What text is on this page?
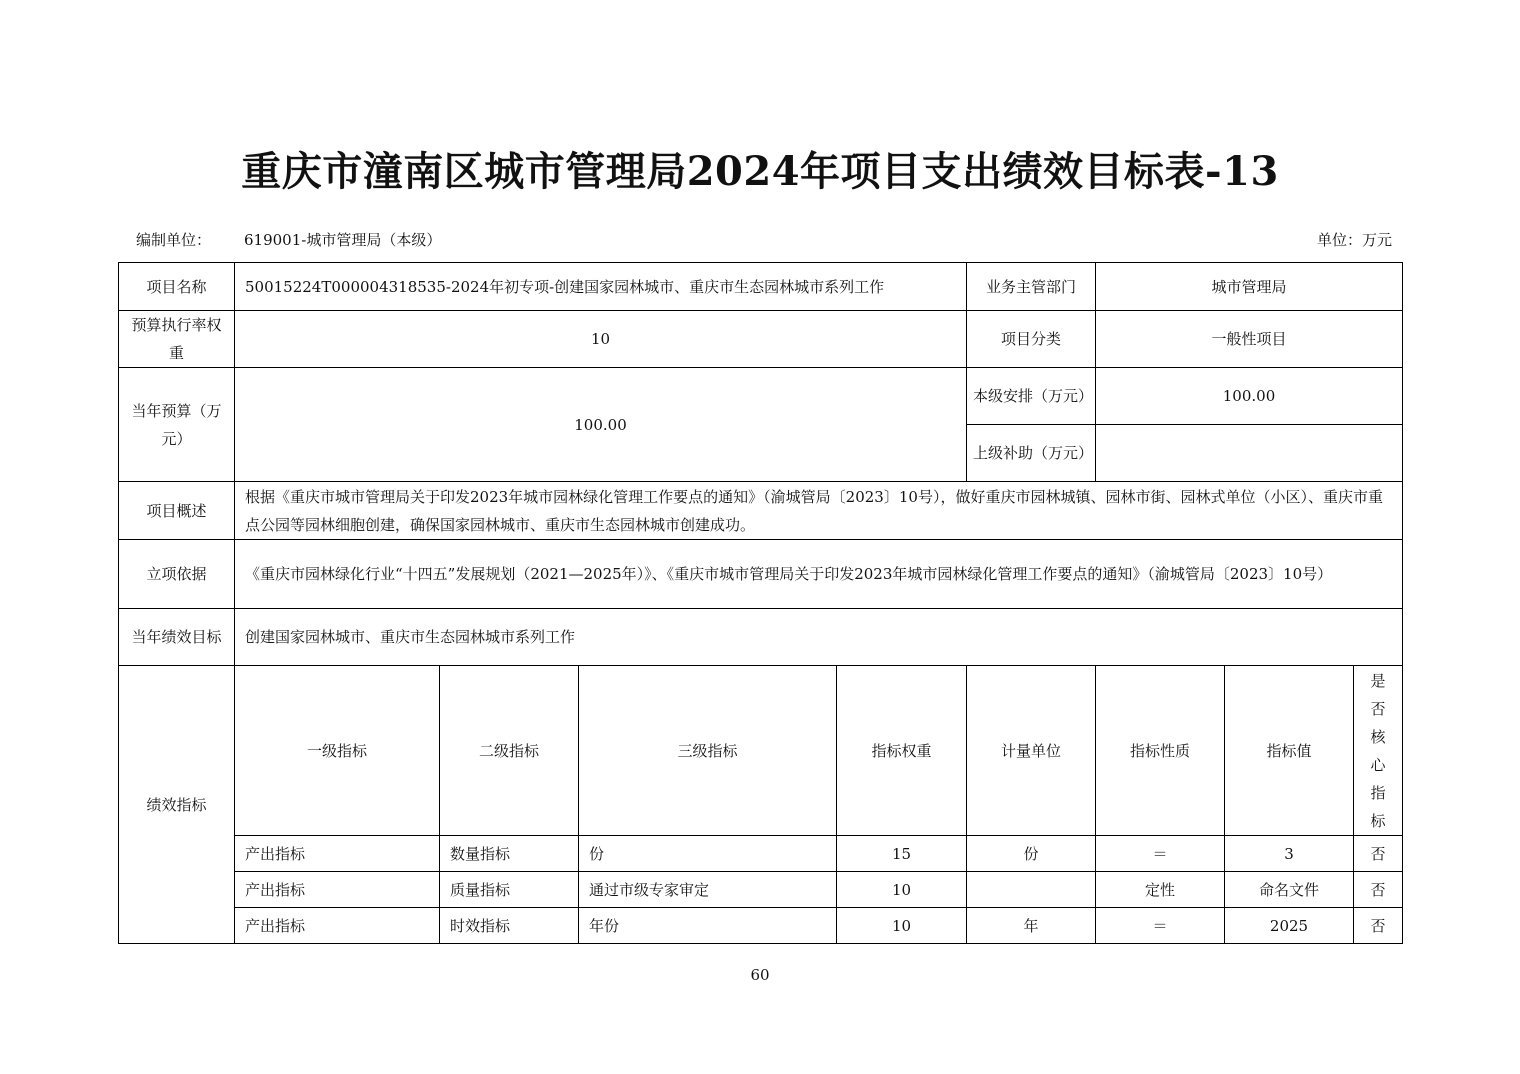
重庆市潼南区城市管理局2024年项目支出绩效目标表-13
编制单位： 619001-城市管理局（本级）	单位：万元
项目名称	50015224T000004318535-2024年初专项-创建国家园林城市、重庆市生态园林城市系列工作				业务主管部门	城市管理局		
预算执行率权重	10				项目分类	一般性项目		
当年预算（万元）	100.00				本级安排（万元）	100.00		
					上级补助（万元）			
项目概述	根据《重庆市城市管理局关于印发2023年城市园林绿化管理工作要点的通知》（渝城管局〔2023〕10号），做好重庆市园林城镇、园林市街、园林式单位（小区）、重庆市重点公园等园林细胞创建，确保国家园林城市、重庆市生态园林城市创建成功。							
立项依据	《重庆市园林绿化行业“十四五”发展规划（2021—2025年）》、《重庆市城市管理局关于印发2023年城市园林绿化管理工作要点的通知》（渝城管局〔2023〕10号）							
当年绩效目标	创建国家园林城市、重庆市生态园林城市系列工作							
绩效指标	一级指标	二级指标	三级指标	指标权重	计量单位	指标性质	指标值	是否核心指标

	产出指标	数量指标	份	15	份	＝	3	否
	产出指标	质量指标	通过市级专家审定	10		定性	命名文件	否
	产出指标	时效指标	年份	10	年	＝	2025	否
60
